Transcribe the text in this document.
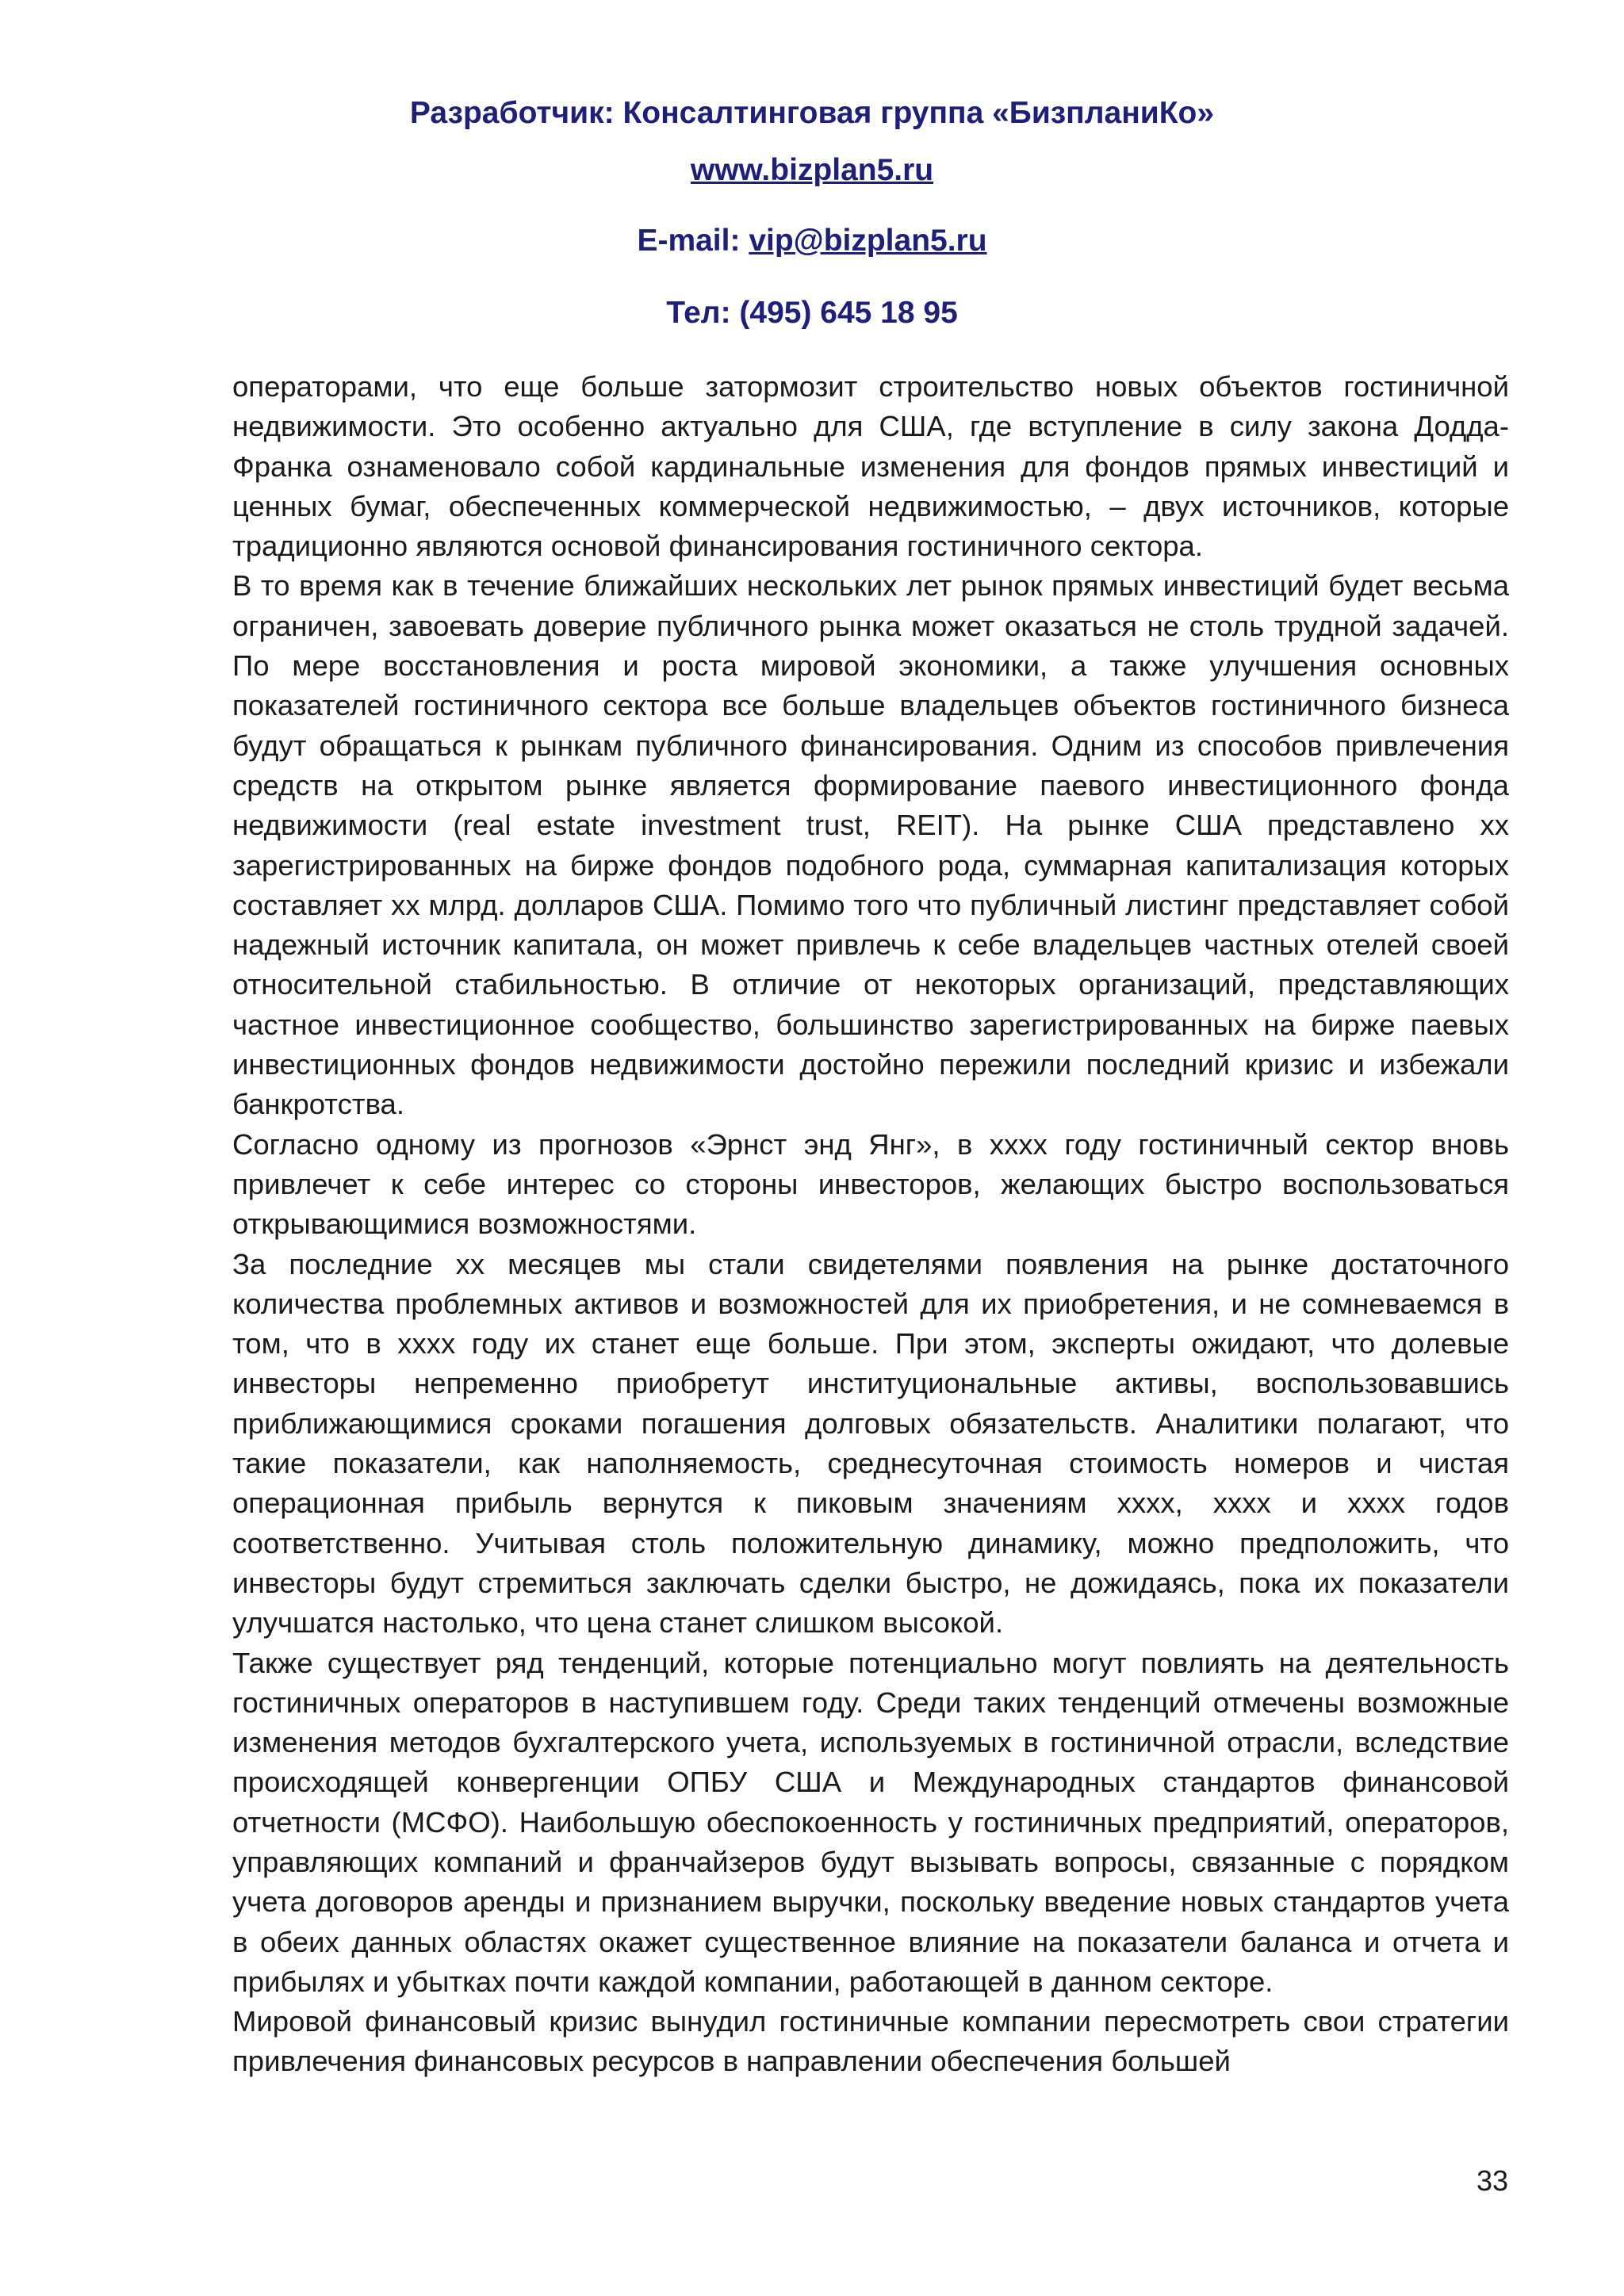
Разработчик: Консалтинговая группа «БизпланиКо»
www.bizplan5.ru
E-mail: vip@bizplan5.ru
Тел: (495) 645 18 95

операторами, что еще больше затормозит строительство новых объектов гостиничной недвижимости. Это особенно актуально для США, где вступление в силу закона Додда-Франка ознаменовало собой кардинальные изменения для фондов прямых инвестиций и ценных бумаг, обеспеченных коммерческой недвижимостью, – двух источников, которые традиционно являются основой финансирования гостиничного сектора.

В то время как в течение ближайших нескольких лет рынок прямых инвестиций будет весьма ограничен, завоевать доверие публичного рынка может оказаться не столь трудной задачей. По мере восстановления и роста мировой экономики, а также улучшения основных показателей гостиничного сектора все больше владельцев объектов гостиничного бизнеса будут обращаться к рынкам публичного финансирования. Одним из способов привлечения средств на открытом рынке является формирование паевого инвестиционного фонда недвижимости (real estate investment trust, REIT). На рынке США представлено хх зарегистрированных на бирже фондов подобного рода, суммарная капитализация которых составляет хх млрд. долларов США. Помимо того что публичный листинг представляет собой надежный источник капитала, он может привлечь к себе владельцев частных отелей своей относительной стабильностью. В отличие от некоторых организаций, представляющих частное инвестиционное сообщество, большинство зарегистрированных на бирже паевых инвестиционных фондов недвижимости достойно пережили последний кризис и избежали банкротства.

Согласно одному из прогнозов «Эрнст энд Янг», в хххх году гостиничный сектор вновь привлечет к себе интерес со стороны инвесторов, желающих быстро воспользоваться открывающимися возможностями.

За последние хх месяцев мы стали свидетелями появления на рынке достаточного количества проблемных активов и возможностей для их приобретения, и не сомневаемся в том, что в хххх году их станет еще больше. При этом, эксперты ожидают, что долевые инвесторы непременно приобретут институциональные активы, воспользовавшись приближающимися сроками погашения долговых обязательств. Аналитики полагают, что такие показатели, как наполняемость, среднесуточная стоимость номеров и чистая операционная прибыль вернутся к пиковым значениям хххх, хххх и хххх годов соответственно. Учитывая столь положительную динамику, можно предположить, что инвесторы будут стремиться заключать сделки быстро, не дожидаясь, пока их показатели улучшатся настолько, что цена станет слишком высокой.

Также существует ряд тенденций, которые потенциально могут повлиять на деятельность гостиничных операторов в наступившем году. Среди таких тенденций отмечены возможные изменения методов бухгалтерского учета, используемых в гостиничной отрасли, вследствие происходящей конвергенции ОПБУ США и Международных стандартов финансовой отчетности (МСФО). Наибольшую обеспокоенность у гостиничных предприятий, операторов, управляющих компаний и франчайзеров будут вызывать вопросы, связанные с порядком учета договоров аренды и признанием выручки, поскольку введение новых стандартов учета в обеих данных областях окажет существенное влияние на показатели баланса и отчета и прибылях и убытках почти каждой компании, работающей в данном секторе.

Мировой финансовый кризис вынудил гостиничные компании пересмотреть свои стратегии привлечения финансовых ресурсов в направлении обеспечения большей

33
